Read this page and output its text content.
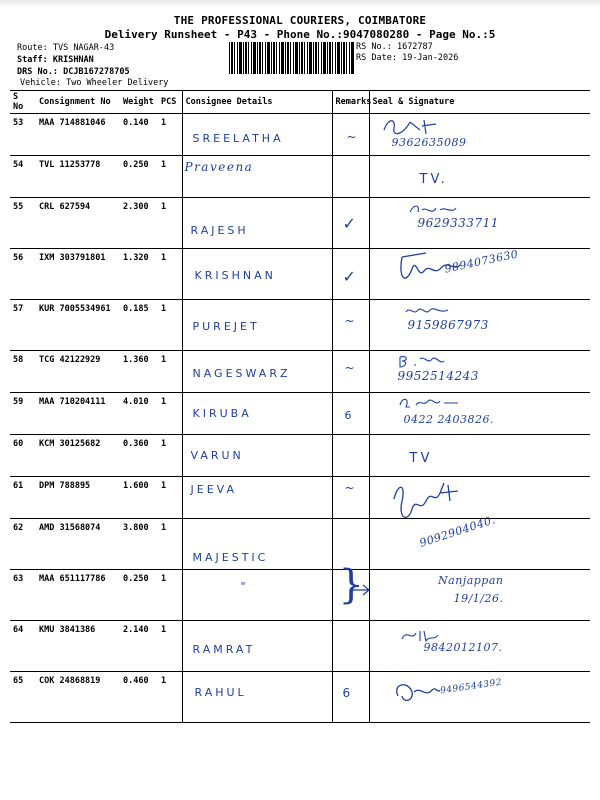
THE PROFESSIONAL COURIERS, COIMBATORE
Delivery Runsheet - P43 - Phone No.:9047080280 - Page No.:5
Route: TVS NAGAR-43
Staff: KRISHNAN
DRS No.: DCJB167278705
Vehicle: Two Wheeler Delivery
RS No.: 1672787
RS Date: 19-Jan-2026
S No	Consignment No	Weight	PCS	Consignee Details	Remarks	Seal & Signature
53	MAA 714881046	0.140	1	SREELATHA	~	9362635089

54	TVL 11253778	0.250	1	Praveena		TV.

55	CRL 627594	2.300	1	RAJESH	✓	9629333711

56	IXM 303791801	1.320	1	KRISHNAN	✓	9894073630

57	KUR 7005534961	0.185	1	PUREJET	~	9159867973

58	TCG 42122929	1.360	1	NAGESWARZ	~	9952514243

59	MAA 710204111	4.010	1	KIRUBA	6	0422 2403826.

60	KCM 30125682	0.360	1	VARUN		TV

61	DPM 788895	1.600	1	JEEVA	~

62	AMD 31568074	3.800	1	MAJESTIC		9092904040.

63	MAA 651117786	0.250	1	"	}	Nanjappan 19/1/26.

64	KMU 3841386	2.140	1	RAMRAT		9842012107.

65	COK 24868819	0.460	1	RAHUL	6	9496544392
